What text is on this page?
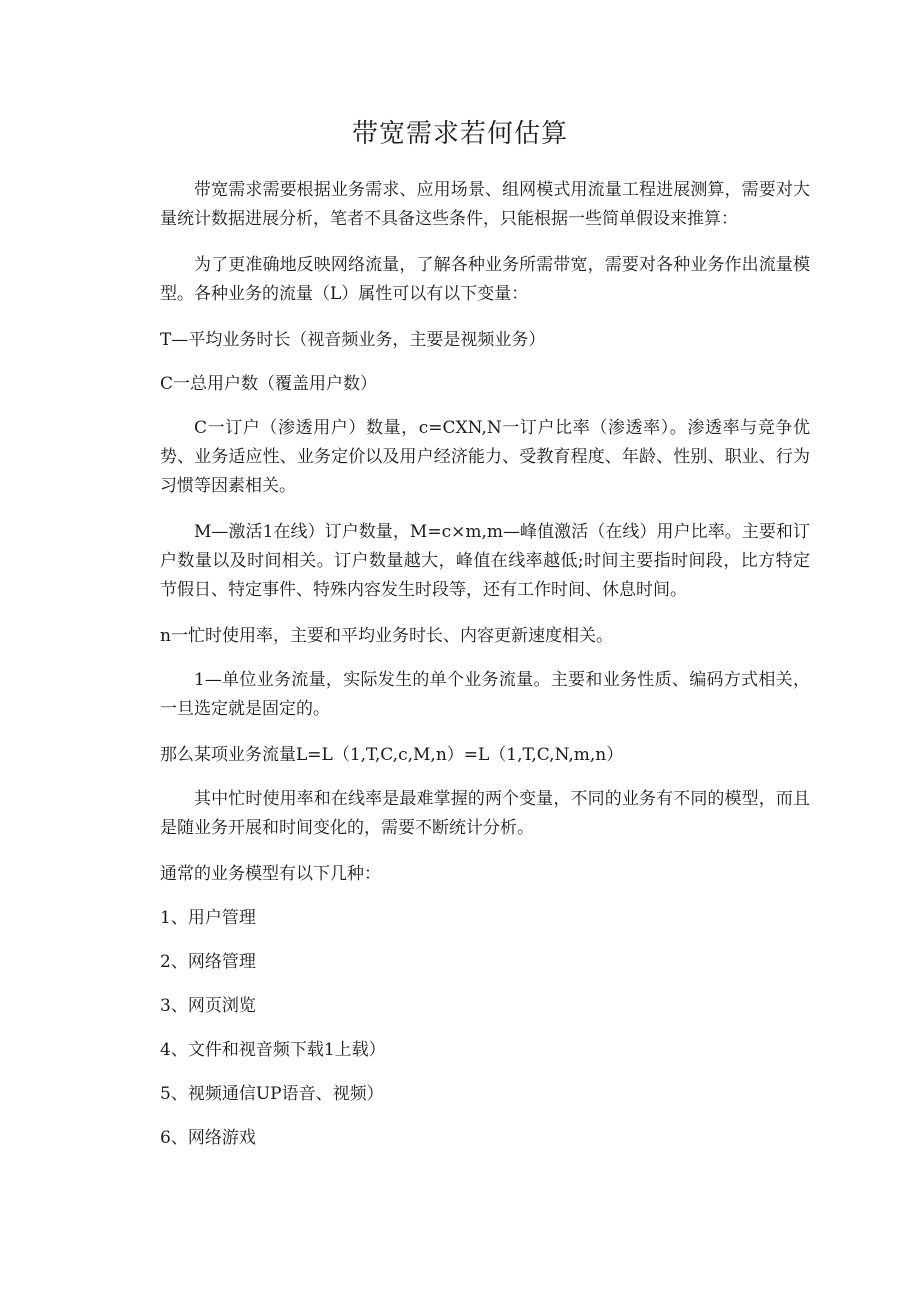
带宽需求若何估算

带宽需求需要根据业务需求、应用场景、组网模式用流量工程进展测算，需要对大量统计数据进展分析，笔者不具备这些条件，只能根据一些简单假设来推算：

为了更准确地反映网络流量，了解各种业务所需带宽，需要对各种业务作出流量模型。各种业务的流量（L）属性可以有以下变量：

T—平均业务时长（视音频业务，主要是视频业务）

C一总用户数（覆盖用户数）

C一订户（渗透用户）数量，c=CXN,N一订户比率（渗透率）。渗透率与竞争优势、业务适应性、业务定价以及用户经济能力、受教育程度、年龄、性别、职业、行为习惯等因素相关。

M—激活1在线）订户数量，M=c×m,m—峰值激活（在线）用户比率。主要和订户数量以及时间相关。订户数量越大，峰值在线率越低;时间主要指时间段，比方特定节假日、特定事件、特殊内容发生时段等，还有工作时间、休息时间。

n一忙时使用率，主要和平均业务时长、内容更新速度相关。

1—单位业务流量，实际发生的单个业务流量。主要和业务性质、编码方式相关，一旦选定就是固定的。

那么某项业务流量L=L（1,T,C,c,M,n）=L（1,T,C,N,m,n）

其中忙时使用率和在线率是最难掌握的两个变量，不同的业务有不同的模型，而且是随业务开展和时间变化的，需要不断统计分析。

通常的业务模型有以下几种：

1、用户管理

2、网络管理

3、网页浏览

4、文件和视音频下载1上载）

5、视频通信UP语音、视频）

6、网络游戏
